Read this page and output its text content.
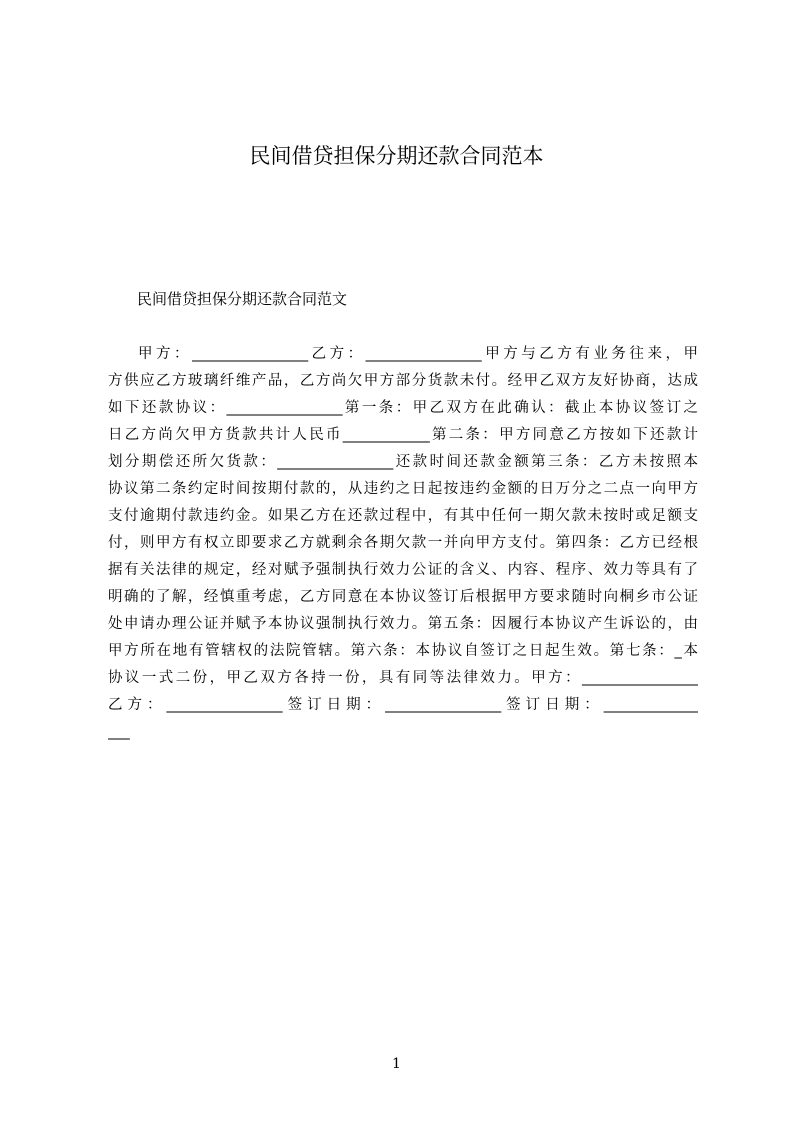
民间借贷担保分期还款合同范本
民间借贷担保分期还款合同范文
甲方：________________乙方：________________甲方与乙方有业务往来，甲
方供应乙方玻璃纤维产品，乙方尚欠甲方部分货款未付。经甲乙双方友好协商，达成
如下还款协议：________________第一条：甲乙双方在此确认：截止本协议签订之
日乙方尚欠甲方货款共计人民币____________第二条：甲方同意乙方按如下还款计
划分期偿还所欠货款：________________还款时间还款金额第三条：乙方未按照本
协议第二条约定时间按期付款的，从违约之日起按违约金额的日万分之二点一向甲方
支付逾期付款违约金。如果乙方在还款过程中，有其中任何一期欠款未按时或足额支
付，则甲方有权立即要求乙方就剩余各期欠款一并向甲方支付。第四条：乙方已经根
据有关法律的规定，经对赋予强制执行效力公证的含义、内容、程序、效力等具有了
明确的了解，经慎重考虑，乙方同意在本协议签订后根据甲方要求随时向桐乡市公证
处申请办理公证并赋予本协议强制执行效力。第五条：因履行本协议产生诉讼的，由
甲方所在地有管辖权的法院管辖。第六条：本协议自签订之日起生效。第七条：_本
协议一式二份，甲乙双方各持一份，具有同等法律效力。甲方：________________
乙方：________________签订日期：________________签订日期：_____________
___
1
